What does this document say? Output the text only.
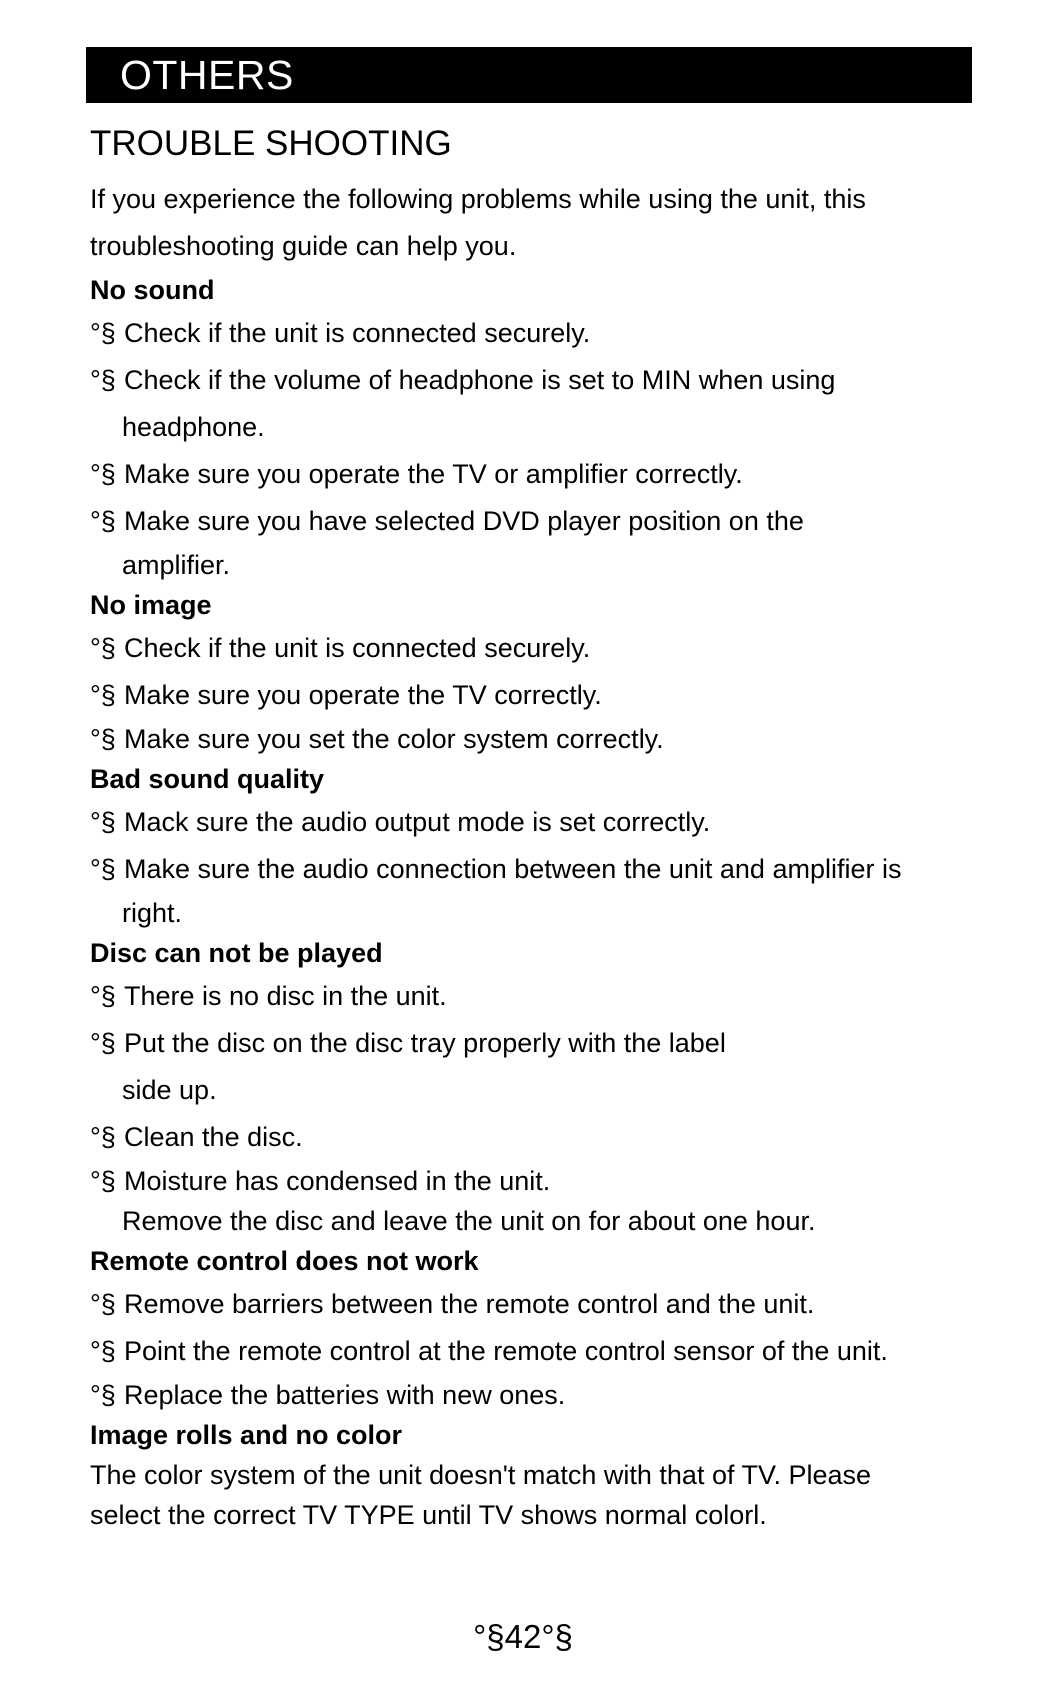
OTHERS
TROUBLE SHOOTING

If you experience the following problems while using the unit, this

troubleshooting guide can help you.

No sound

°§ Check if the unit is connected securely.

°§ Check if the volume of headphone is set to MIN when using

headphone.

°§ Make sure you operate the TV or amplifier correctly.

°§ Make sure you have selected DVD player position on the

amplifier.

No image

°§ Check if the unit is connected securely.

°§ Make sure you operate the TV correctly.

°§ Make sure you set the color system correctly.

Bad sound quality

°§ Mack sure the audio output mode is set correctly.

°§ Make sure the audio connection between the unit and amplifier is

right.

Disc can not be played

°§ There is no disc in the unit.

°§ Put the disc on the disc tray properly with the label

side up.

°§ Clean the disc.

°§ Moisture has condensed in the unit.

Remove the disc and leave the unit on for about one hour.

Remote control does not work

°§ Remove barriers between the remote control and the unit.

°§ Point the remote control at the remote control sensor of the unit.

°§ Replace the batteries with new ones.

Image rolls and no color

The color system of the unit doesn't match with that of TV. Please

select the correct TV TYPE until TV shows normal colorl.

°§42°§
